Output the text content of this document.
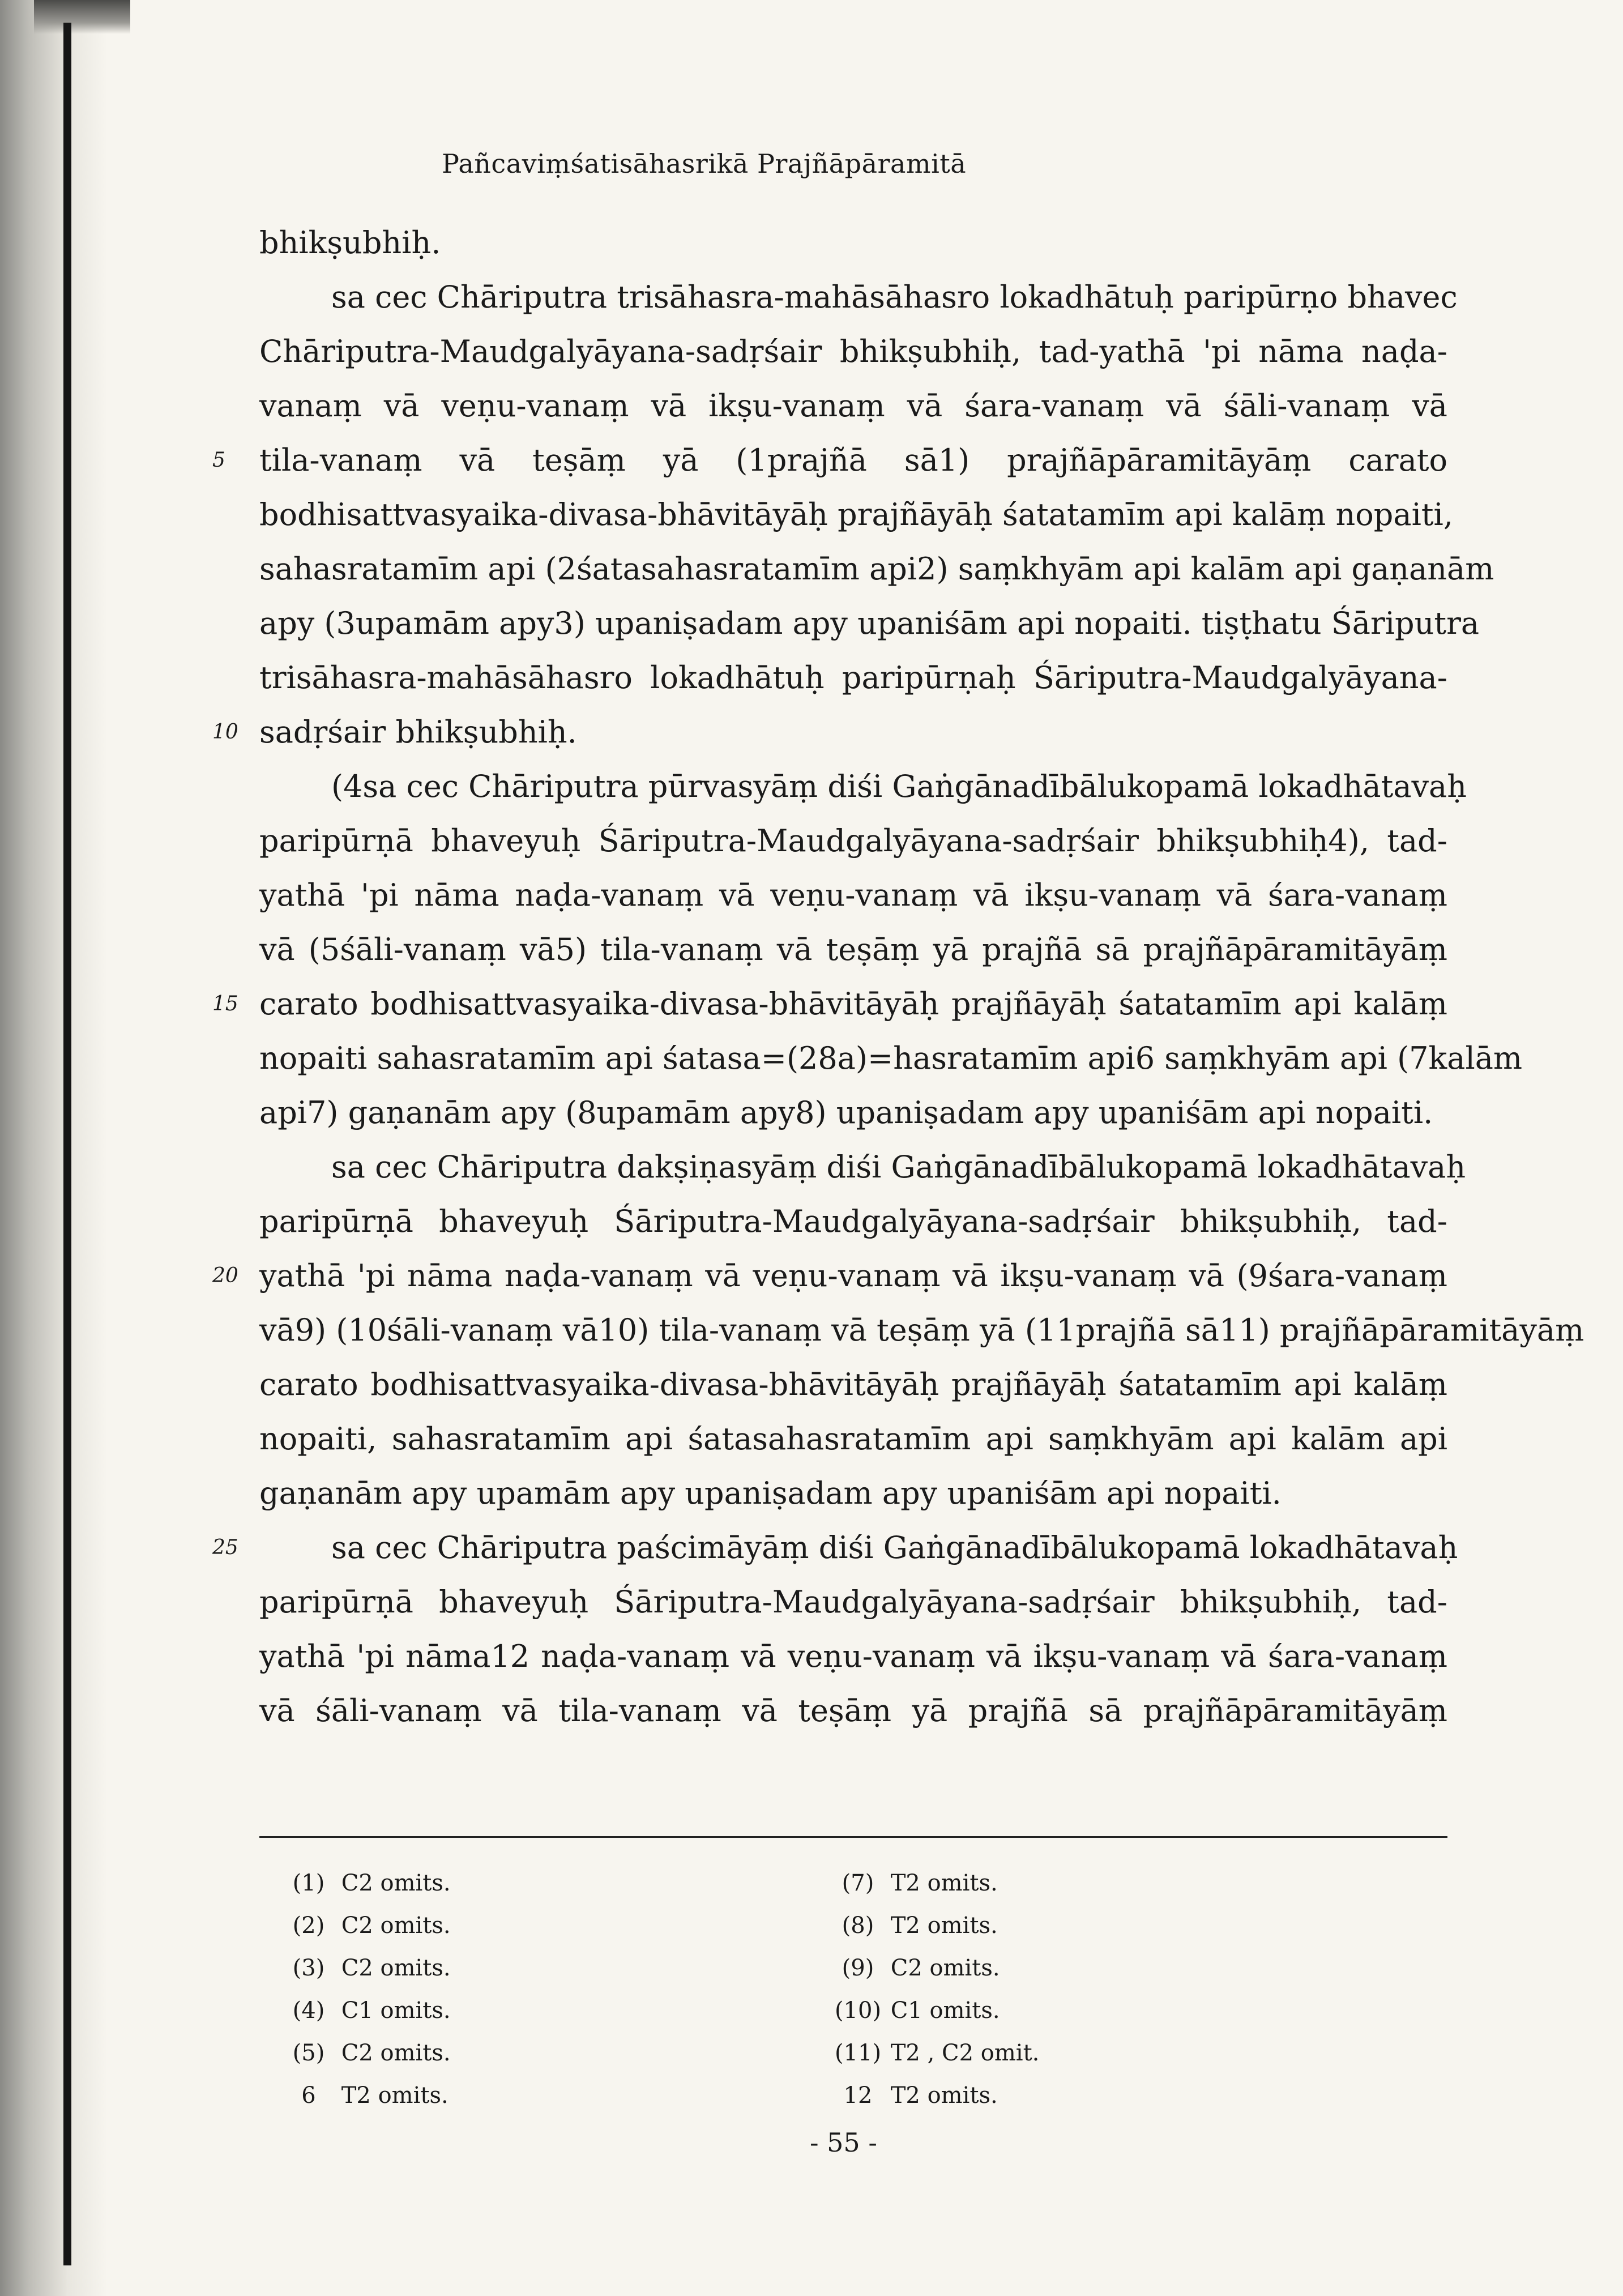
Pañcaviṃśatisāhasrikā Prajñāpāramitā
bhikṣubhiḥ.
sa cec Chāriputra trisāhasra-mahāsāhasro lokadhātuḥ paripūrṇo bhavec
Chāriputra-Maudgalyāyana-sadṛśair bhikṣubhiḥ, tad-yathā 'pi nāma naḍa-
vanaṃ vā veṇu-vanaṃ vā ikṣu-vanaṃ vā śara-vanaṃ vā śāli-vanaṃ vā
5	tila-vanaṃ vā teṣāṃ yā (1prajñā sā1) prajñāpāramitāyāṃ carato
bodhisattvasyaika-divasa-bhāvitāyāḥ prajñāyāḥ śatatamīm api kalāṃ nopaiti,
sahasratamīm api (2śatasahasratamīm api2) saṃkhyām api kalām api gaṇanām
apy (3upamām apy3) upaniṣadam apy upaniśām api nopaiti. tiṣṭhatu Śāriputra
trisāhasra-mahāsāhasro lokadhātuḥ paripūrṇaḥ Śāriputra-Maudgalyāyana-
10 sadṛśair bhikṣubhiḥ.
(4sa cec Chāriputra pūrvasyāṃ diśi Gaṅgānadībālukopamā lokadhātavaḥ
paripūrṇā bhaveyuḥ Śāriputra-Maudgalyāyana-sadṛśair bhikṣubhiḥ4), tad-
yathā 'pi nāma naḍa-vanaṃ vā veṇu-vanaṃ vā ikṣu-vanaṃ vā śara-vanaṃ
vā (5śāli-vanaṃ vā5) tila-vanaṃ vā teṣāṃ yā prajñā sā prajñāpāramitāyāṃ
15 carato bodhisattvasyaika-divasa-bhāvitāyāḥ prajñāyāḥ śatatamīm api kalāṃ
nopaiti sahasratamīm api śatasa=(28a)=hasratamīm api6 saṃkhyām api (7kalām
api7) gaṇanām apy (8upamām apy8) upaniṣadam apy upaniśām api nopaiti.
sa cec Chāriputra dakṣiṇasyāṃ diśi Gaṅgānadībālukopamā lokadhātavaḥ
paripūrṇā bhaveyuḥ Śāriputra-Maudgalyāyana-sadṛśair bhikṣubhiḥ, tad-
20 yathā 'pi nāma naḍa-vanaṃ vā veṇu-vanaṃ vā ikṣu-vanaṃ vā (9śara-vanaṃ
vā9) (10śāli-vanaṃ vā10) tila-vanaṃ vā teṣāṃ yā (11prajñā sā11) prajñāpāramitāyāṃ
carato bodhisattvasyaika-divasa-bhāvitāyāḥ prajñāyāḥ śatatamīm api kalāṃ
nopaiti, sahasratamīm api śatasahasratamīm api saṃkhyām api kalām api
gaṇanām apy upamām apy upaniṣadam apy upaniśām api nopaiti.
25	sa cec Chāriputra paścimāyāṃ diśi Gaṅgānadībālukopamā lokadhātavaḥ
paripūrṇā bhaveyuḥ Śāriputra-Maudgalyāyana-sadṛśair bhikṣubhiḥ, tad-
yathā 'pi nāma12 naḍa-vanaṃ vā veṇu-vanaṃ vā ikṣu-vanaṃ vā śara-vanaṃ
vā śāli-vanaṃ vā tila-vanaṃ vā teṣāṃ yā prajñā sā prajñāpāramitāyāṃ
(1) C2 omits.
(2) C2 omits.
(3) C2 omits.
(4) C1 omits.
(5) C2 omits.
6 T2 omits.
(7) T2 omits.
(8) T2 omits.
(9) C2 omits.
(10) C1 omits.
(11) T2 , C2 omit.
12 T2 omits.
- 55 -
